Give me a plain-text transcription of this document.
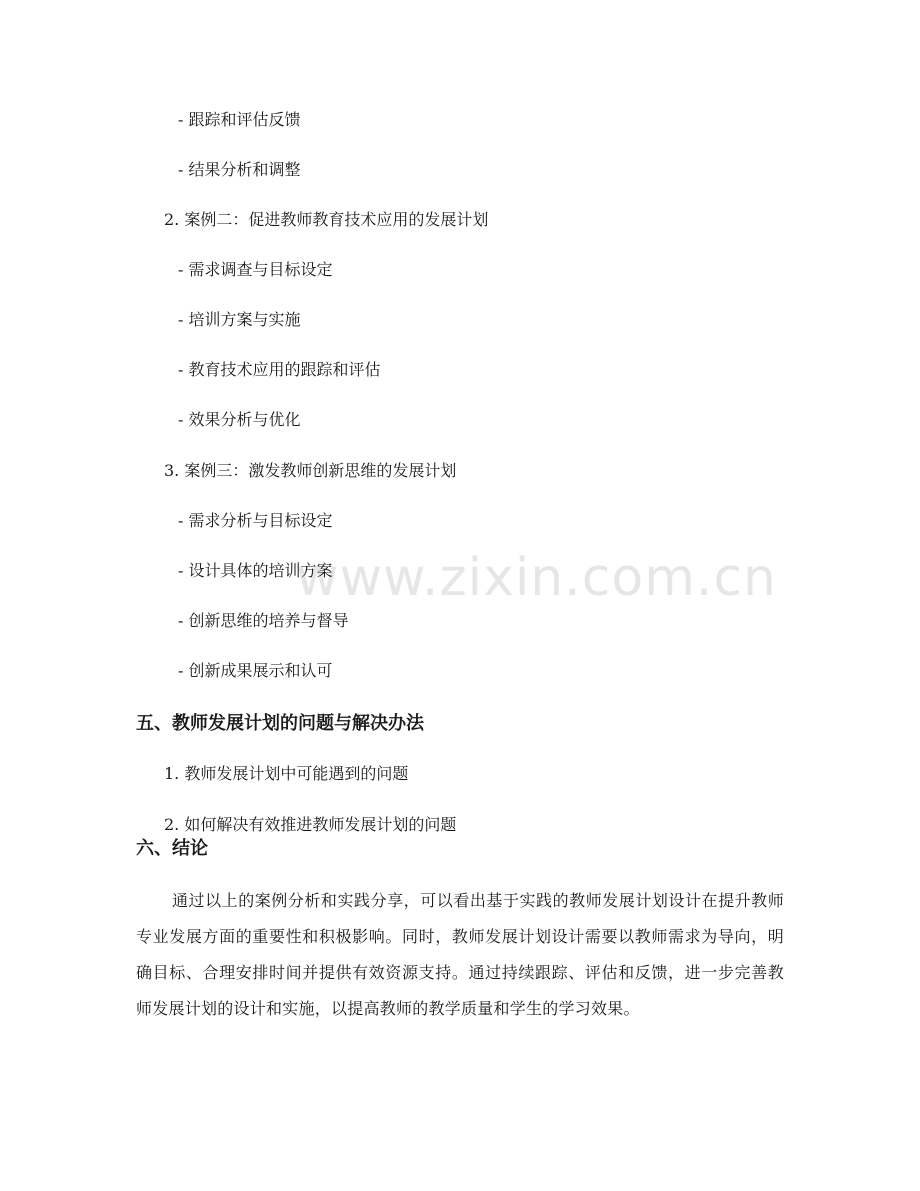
www.zixin.com.cn
- 跟踪和评估反馈
- 结果分析和调整
2. 案例二：促进教师教育技术应用的发展计划
- 需求调查与目标设定
- 培训方案与实施
- 教育技术应用的跟踪和评估
- 效果分析与优化
3. 案例三：激发教师创新思维的发展计划
- 需求分析与目标设定
- 设计具体的培训方案
- 创新思维的培养与督导
- 创新成果展示和认可
五、教师发展计划的问题与解决办法
1. 教师发展计划中可能遇到的问题
2. 如何解决有效推进教师发展计划的问题
六、结论

通过以上的案例分析和实践分享，可以看出基于实践的教师发展计划设计在提升教师专业发展方面的重要性和积极影响。同时，教师发展计划设计需要以教师需求为导向，明确目标、合理安排时间并提供有效资源支持。通过持续跟踪、评估和反馈，进一步完善教师发展计划的设计和实施，以提高教师的教学质量和学生的学习效果。
